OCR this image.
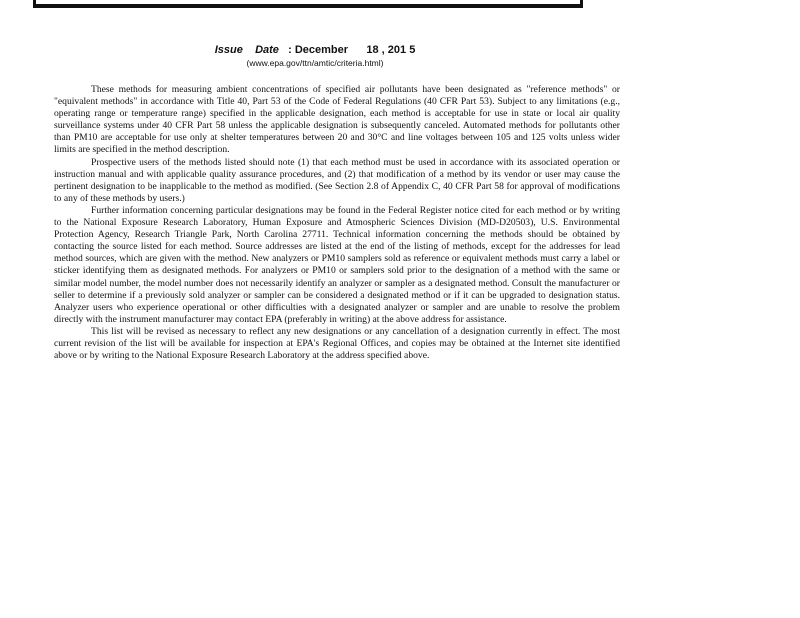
Issue Date : December 18 , 201 5
(www.epa.gov/ttn/amtic/criteria.html)

These methods for measuring ambient concentrations of specified air pollutants have been designated as "reference methods" or "equivalent methods" in accordance with Title 40, Part 53 of the Code of Federal Regulations (40 CFR Part 53). Subject to any limitations (e.g., operating range or temperature range) specified in the applicable designation, each method is acceptable for use in state or local air quality surveillance systems under 40 CFR Part 58 unless the applicable designation is subsequently canceled. Automated methods for pollutants other than PM10 are acceptable for use only at shelter temperatures between 20 and 30°C and line voltages between 105 and 125 volts unless wider limits are specified in the method description.

Prospective users of the methods listed should note (1) that each method must be used in accordance with its associated operation or instruction manual and with applicable quality assurance procedures, and (2) that modification of a method by its vendor or user may cause the pertinent designation to be inapplicable to the method as modified. (See Section 2.8 of Appendix C, 40 CFR Part 58 for approval of modifications to any of these methods by users.)

Further information concerning particular designations may be found in the Federal Register notice cited for each method or by writing to the National Exposure Research Laboratory, Human Exposure and Atmospheric Sciences Division (MD-D20503), U.S. Environmental Protection Agency, Research Triangle Park, North Carolina 27711. Technical information concerning the methods should be obtained by contacting the source listed for each method. Source addresses are listed at the end of the listing of methods, except for the addresses for lead method sources, which are given with the method. New analyzers or PM10 samplers sold as reference or equivalent methods must carry a label or sticker identifying them as designated methods. For analyzers or PM10 or samplers sold prior to the designation of a method with the same or similar model number, the model number does not necessarily identify an analyzer or sampler as a designated method. Consult the manufacturer or seller to determine if a previously sold analyzer or sampler can be considered a designated method or if it can be upgraded to designation status. Analyzer users who experience operational or other difficulties with a designated analyzer or sampler and are unable to resolve the problem directly with the instrument manufacturer may contact EPA (preferably in writing) at the above address for assistance.

This list will be revised as necessary to reflect any new designations or any cancellation of a designation currently in effect. The most current revision of the list will be available for inspection at EPA's Regional Offices, and copies may be obtained at the Internet site identified above or by writing to the National Exposure Research Laboratory at the address specified above.
